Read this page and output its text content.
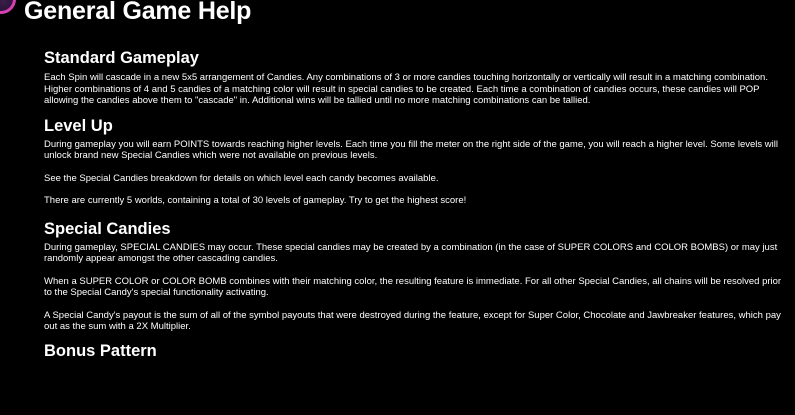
General Game Help
Standard Gameplay

Each Spin will cascade in a new 5x5 arrangement of Candies. Any combinations of 3 or more candies touching horizontally or vertically will result in a matching combination. Higher combinations of 4 and 5 candies of a matching color will result in special candies to be created. Each time a combination of candies occurs, these candies will POP allowing the candies above them to "cascade" in. Additional wins will be tallied until no more matching combinations can be tallied.

Level Up

During gameplay you will earn POINTS towards reaching higher levels. Each time you fill the meter on the right side of the game, you will reach a higher level. Some levels will unlock brand new Special Candies which were not available on previous levels.

See the Special Candies breakdown for details on which level each candy becomes available.

There are currently 5 worlds, containing a total of 30 levels of gameplay. Try to get the highest score!

Special Candies

During gameplay, SPECIAL CANDIES may occur. These special candies may be created by a combination (in the case of SUPER COLORS and COLOR BOMBS) or may just randomly appear amongst the other cascading candies.

When a SUPER COLOR or COLOR BOMB combines with their matching color, the resulting feature is immediate. For all other Special Candies, all chains will be resolved prior to the Special Candy's special functionality activating.

A Special Candy's payout is the sum of all of the symbol payouts that were destroyed during the feature, except for Super Color, Chocolate and Jawbreaker features, which pay out as the sum with a 2X Multiplier.

Bonus Pattern
